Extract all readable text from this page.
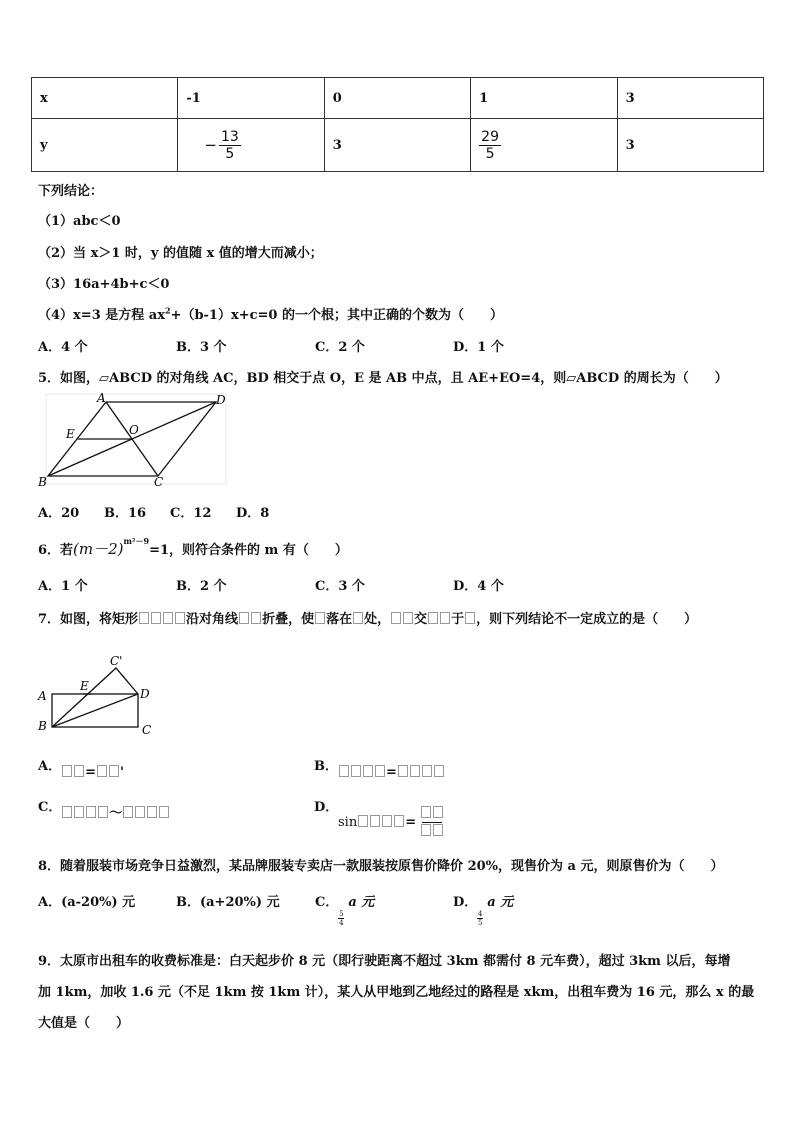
x	-1	0	1	3
y	− $\frac{13}{5}$	3	$\frac{29}{5}$	3
下列结论：
（1）abc＜0
（2）当 x＞1 时，y 的值随 x 值的增大而减小；
（3）16a+4b+c＜0
（4）x=3 是方程 $ax^2+(b-1)x+c=0$ 的一个根；其中正确的个数为（　　）
A．4 个	B．3 个	C．2 个	D．1 个
5．如图，▱ABCD 的对角线 AC，BD 相交于点 O，E 是 AB 中点，且 AE+EO=4，则▱ABCD 的周长为（　　）
A	D
E	O
B	C
A．20 B．16 C．12 D．8
6．若$(m-2)^{m^2-9}=1$，则符合条件的 m 有（　　）
A．1 个	B．2 个	C．3 个	D．4 个
7．如图，将矩形	沿对角线 折叠，使 落在 处， 交 于 ，则下列结论不一定成立的是（　　）
C'
A
E
D
B	C
A． = '	B．	=
C．	～	D．
sin	=
8．随着服装市场竞争日益激烈，某品牌服装专卖店一款服装按原售价降价 20%，现售价为 a 元，则原售价为（　　）
A．(a-20%) 元	B．(a+20%) 元	C．
$\frac{5}{4}$
a 元	D．
$\frac{4}{5}$
a 元
9．太原市出租车的收费标准是：白天起步价 8 元（即行驶距离不超过 3km 都需付 8 元车费），超过 3km 以后，每增
加 1km，加收 1.6 元（不足 1km 按 1km 计），某人从甲地到乙地经过的路程是 xkm，出租车费为 16 元，那么 x 的最
大值是（　　）
